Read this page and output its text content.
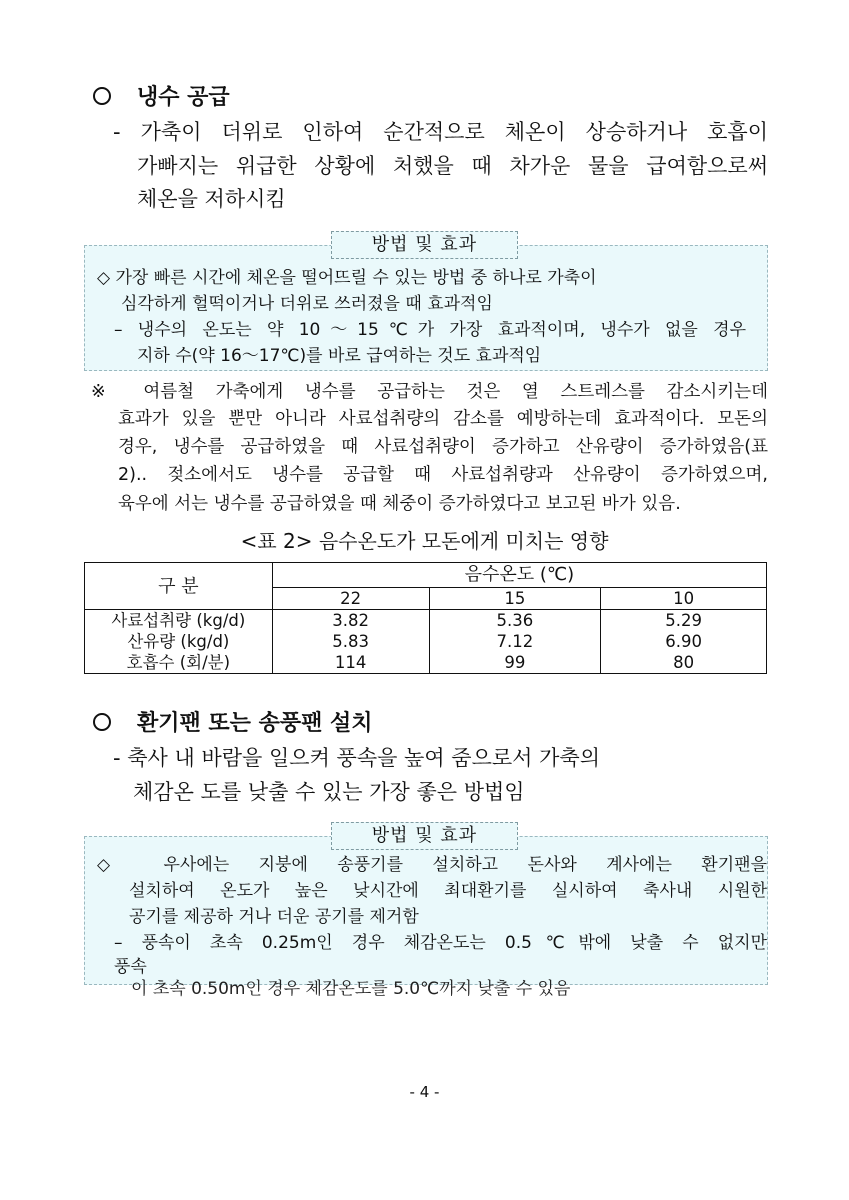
냉수 공급
- 가축이 더위로 인하여 순간적으로 체온이 상승하거나 호흡이
가빠지는 위급한 상황에 처했을 때 차가운 물을 급여함으로써
체온을 저하시킴
방법 및 효과
◇ 가장 빠른 시간에 체온을 떨어뜨릴 수 있는 방법 중 하나로 가축이
심각하게 헐떡이거나 더위로 쓰러졌을 때 효과적임
– 냉수의 온도는 약 10～15℃가 가장 효과적이며, 냉수가 없을 경우
지하 수(약 16～17℃)를 바로 급여하는 것도 효과적임
※ 여름철 가축에게 냉수를 공급하는 것은 열 스트레스를 감소시키는데
효과가 있을 뿐만 아니라 사료섭취량의 감소를 예방하는데 효과적이다. 모돈의
경우, 냉수를 공급하였을 때 사료섭취량이 증가하고 산유량이 증가하였음(표
2).. 젖소에서도 냉수를 공급할 때 사료섭취량과 산유량이 증가하였으며,
육우에 서는 냉수를 공급하였을 때 체중이 증가하였다고 보고된 바가 있음.
<표 2> 음수온도가 모돈에게 미치는 영향
구 분	음수온도 (℃)		
	22	15	10
사료섭취량 (kg/d)	3.82	5.36	5.29
산유량 (kg/d)	5.83	7.12	6.90
호흡수 (회/분)	114	99	80
환기팬 또는 송풍팬 설치
- 축사 내 바람을 일으켜 풍속을 높여 줌으로서 가축의
체감온 도를 낮출 수 있는 가장 좋은 방법임
이 초속 0.50m인 경우 체감온도를 5.0℃까지 낮출 수 있음
방법 및 효과
◇ 우사에는 지붕에 송풍기를 설치하고 돈사와 계사에는 환기팬을
설치하여 온도가 높은 낮시간에 최대환기를 실시하여 축사내 시원한
공기를 제공하 거나 더운 공기를 제거함
– 풍속이 초속 0.25m인 경우 체감온도는 0.5℃밖에 낮출 수 없지만
풍속
- 4 -
